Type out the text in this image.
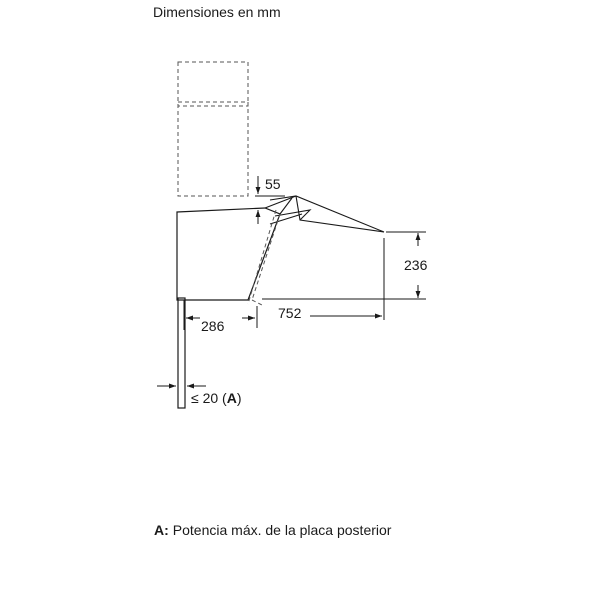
Dimensiones en mm
55
236
286
752
≤ 20 (A)
A: Potencia máx. de la placa posterior
